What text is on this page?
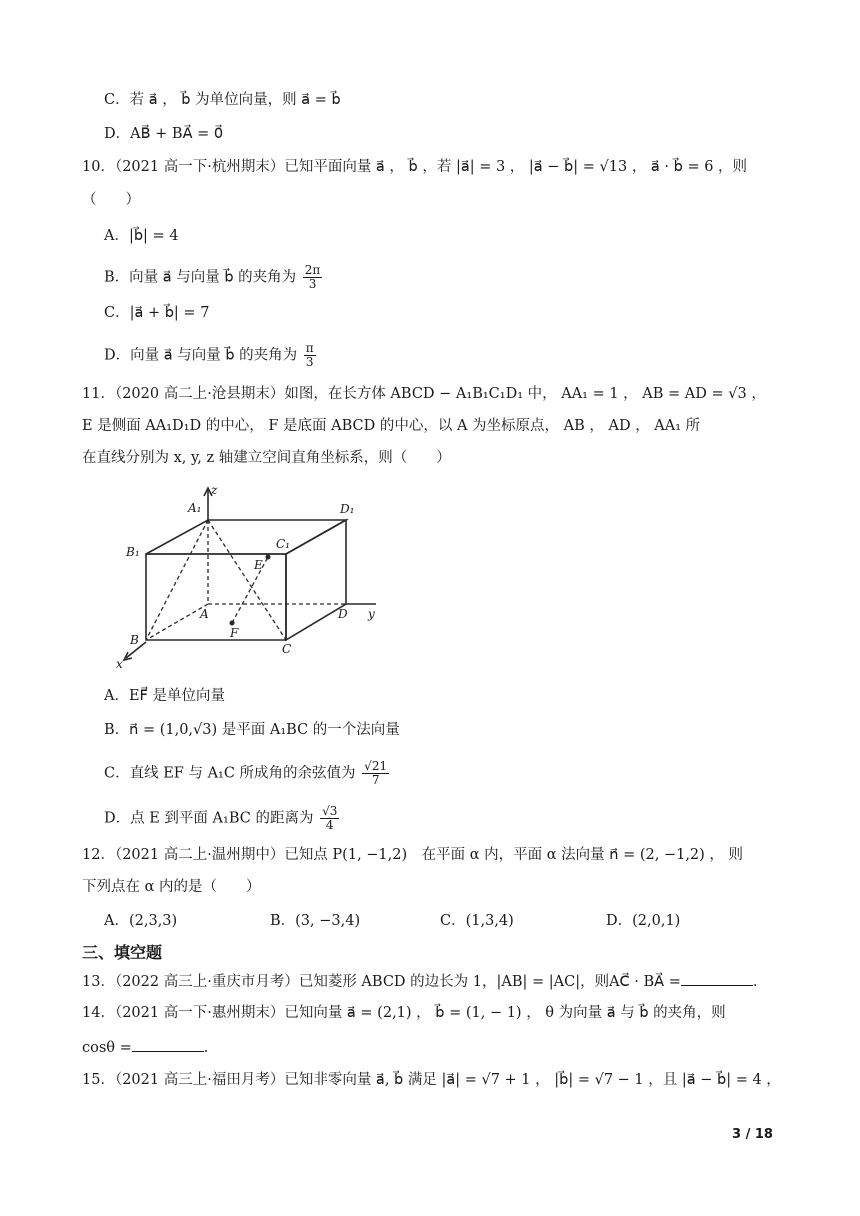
C．若 a⃗ ， b⃗ 为单位向量，则 a⃗ = b⃗
D．AB⃗ + BA⃗ = 0⃗
10．（2021 高一下·杭州期末）已知平面向量 a⃗ ， b⃗ ，若 |a⃗| = 3 ， |a⃗ − b⃗| = √13 ， a⃗ · b⃗ = 6 ，则
（　　）
A．|b⃗| = 4
B．向量 a⃗ 与向量 b⃗ 的夹角为 $\frac{2\pi}{3}$
C．|a⃗ + b⃗| = 7
D．向量 a⃗ 与向量 b⃗ 的夹角为 $\frac{\pi}{3}$
11．（2020 高二上·沧县期末）如图，在长方体 ABCD − A₁B₁C₁D₁ 中， AA₁ = 1 ， AB = AD = √3 ，
E 是侧面 AA₁D₁D 的中心， F 是底面 ABCD 的中心，以 A 为坐标原点， AB ， AD ， AA₁ 所
在直线分别为 x, y, z 轴建立空间直角坐标系，则（　　）
z
y
x
A₁	D₁
B₁
C₁
E
A	D
F
B
C
A．EF⃗ 是单位向量
B．n⃗ = (1,0,√3) 是平面 A₁BC 的一个法向量
C．直线 EF 与 A₁C 所成角的余弦值为 $\frac{√21}{7}$
D．点 E 到平面 A₁BC 的距离为 $\frac{√3}{4}$
12．（2021 高二上·温州期中）已知点 P(1, −1,2)　在平面 α 内，平面 α 法向量 n⃗ = (2, −1,2) ， 则
下列点在 α 内的是（　　）
A．(2,3,3)	B．(3, −3,4)	C．(1,3,4)	D．(2,0,1)
三、填空题
13．（2022 高三上·重庆市月考）已知菱形 ABCD 的边长为 1，|AB| = |AC|，则AC⃗ · BA⃗ =	.
14．（2021 高一下·惠州期末）已知向量 a⃗ = (2,1) ， b⃗ = (1, − 1) ， θ 为向量 a⃗ 与 b⃗ 的夹角，则
cosθ =	.
15．（2021 高三上·福田月考）已知非零向量 a⃗, b⃗ 满足 |a⃗| = √7 + 1 ， |b⃗| = √7 − 1 ，且 |a⃗ − b⃗| = 4 ，
3 / 18
